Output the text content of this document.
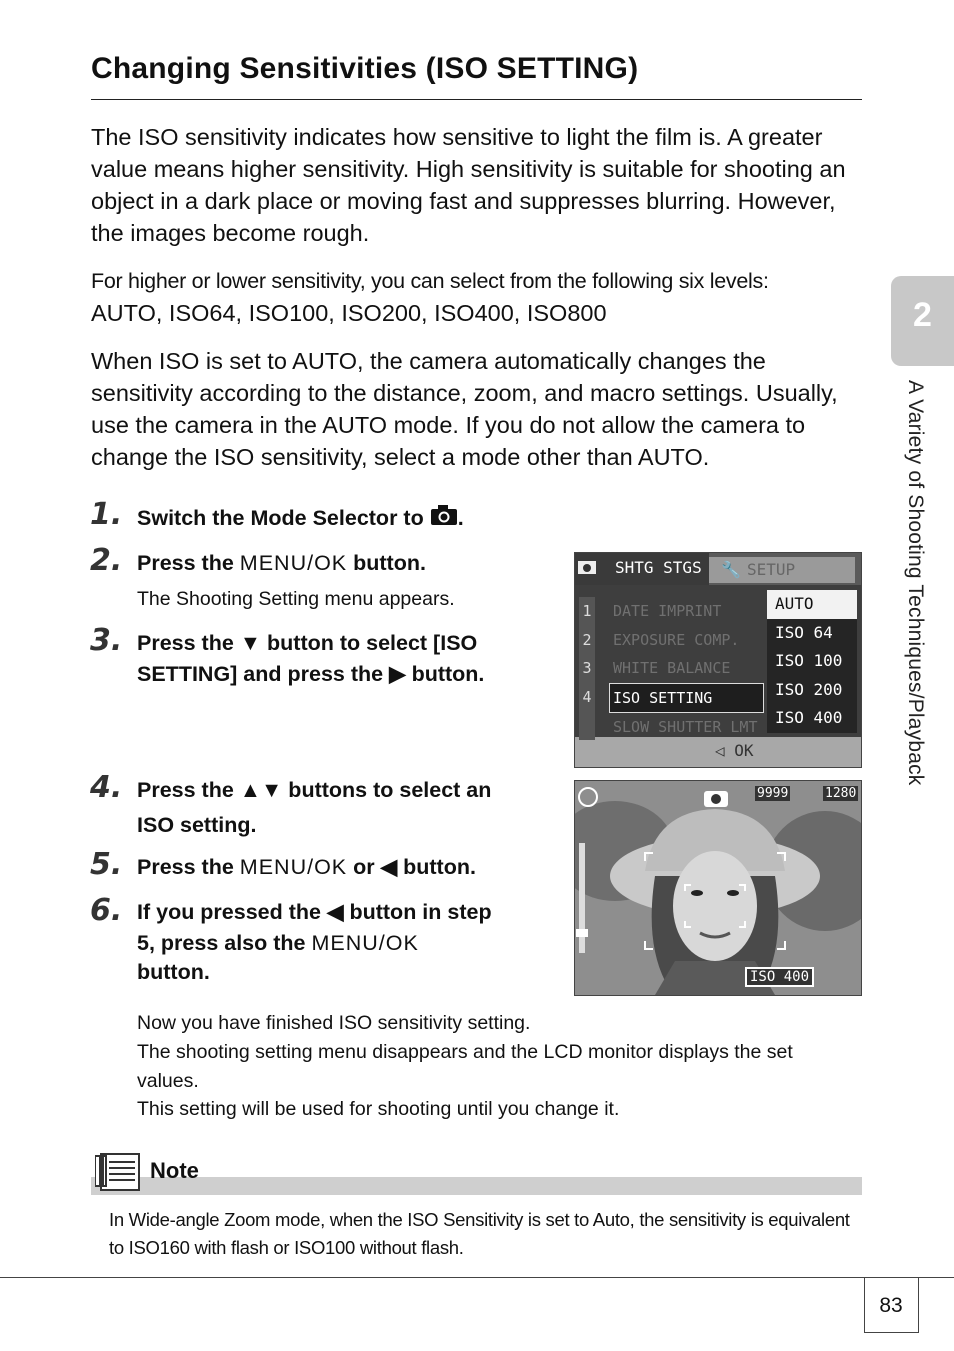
Changing Sensitivities (ISO SETTING)
The ISO sensitivity indicates how sensitive to light the film is. A greater value means higher sensitivity. High sensitivity is suitable for shooting an object in a dark place or moving fast and suppresses blurring. However, the images become rough.
For higher or lower sensitivity, you can select from the following six levels:
AUTO, ISO64, ISO100, ISO200, ISO400, ISO800
When ISO is set to AUTO, the camera automatically changes the sensitivity according to the distance, zoom, and macro settings. Usually, use the camera in the AUTO mode. If you do not allow the camera to change the ISO sensitivity, select a mode other than AUTO.
1. Switch the Mode Selector to .
2. Press the MENU/OK button.
The Shooting Setting menu appears.
3. Press the ▼ button to select [ISO
SETTING] and press the ▶ button.
SHTG STGS 🔧 SETUP
1
2
3
4

DATE IMPRINT
EXPOSURE COMP.
WHITE BALANCE
ISO SETTING
SLOW SHUTTER LMT
AUTO
ISO 64
ISO 100
ISO 200
ISO 400
◁ OK
4. Press the ▲▼ buttons to select an
ISO setting.
5. Press the MENU/OK or ◀ button.
6. If you pressed the ◀ button in step
5, press also the MENU/OK
button.
9999	1280
ISO 400
Now you have finished ISO sensitivity setting.
The shooting setting menu disappears and the LCD monitor displays the set values.
This setting will be used for shooting until you change it.
Note
In Wide-angle Zoom mode, when the ISO Sensitivity is set to Auto, the sensitivity is equivalent to ISO160 with flash or ISO100 without flash.
2
A Variety of Shooting Techniques/Playback
83
